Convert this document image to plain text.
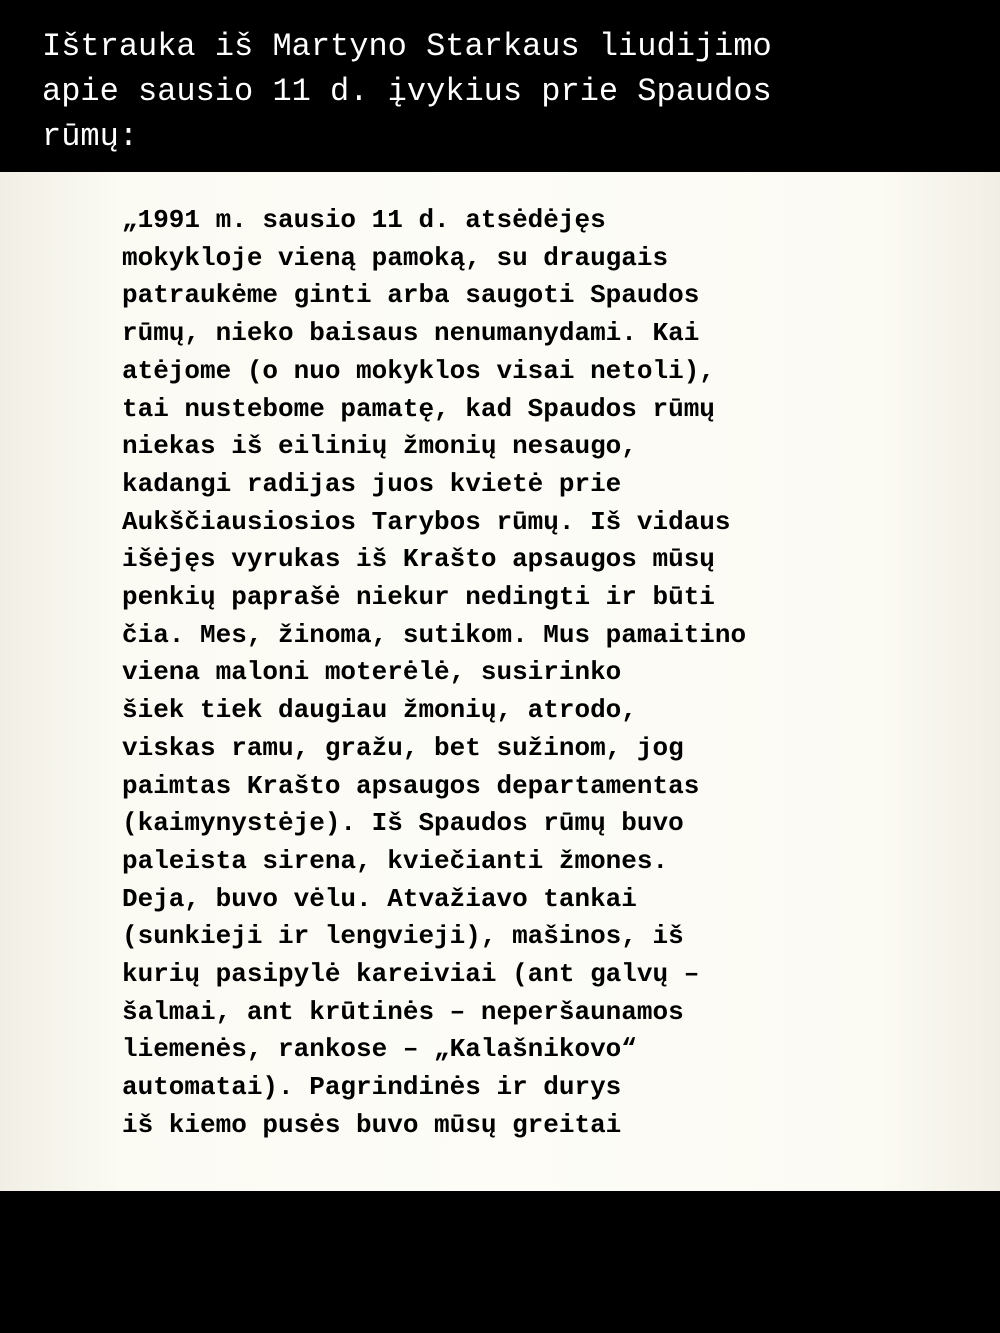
Ištrauka iš Martyno Starkaus liudijimo
apie sausio 11 d. įvykius prie Spaudos
rūmų:

„1991 m. sausio 11 d. atsėdėjęs
mokykloje vieną pamoką, su draugais
patraukėme ginti arba saugoti Spaudos
rūmų, nieko baisaus nenumanydami. Kai
atėjome (o nuo mokyklos visai netoli),
tai nustebome pamatę, kad Spaudos rūmų
niekas iš eilinių žmonių nesaugo,
kadangi radijas juos kvietė prie
Aukščiausiosios Tarybos rūmų. Iš vidaus
išėjęs vyrukas iš Krašto apsaugos mūsų
penkių paprašė niekur nedingti ir būti
čia. Mes, žinoma, sutikom. Mus pamaitino
viena maloni moterėlė, susirinko
šiek tiek daugiau žmonių, atrodo,
viskas ramu, gražu, bet sužinom, jog
paimtas Krašto apsaugos departamentas
(kaimynystėje). Iš Spaudos rūmų buvo
paleista sirena, kviečianti žmones.
Deja, buvo vėlu. Atvažiavo tankai
(sunkieji ir lengvieji), mašinos, iš
kurių pasipylė kareiviai (ant galvų –
šalmai, ant krūtinės – neperšaunamos
liemenės, rankose – „Kalašnikovo“
automatai). Pagrindinės ir durys
iš kiemo pusės buvo mūsų greitai
